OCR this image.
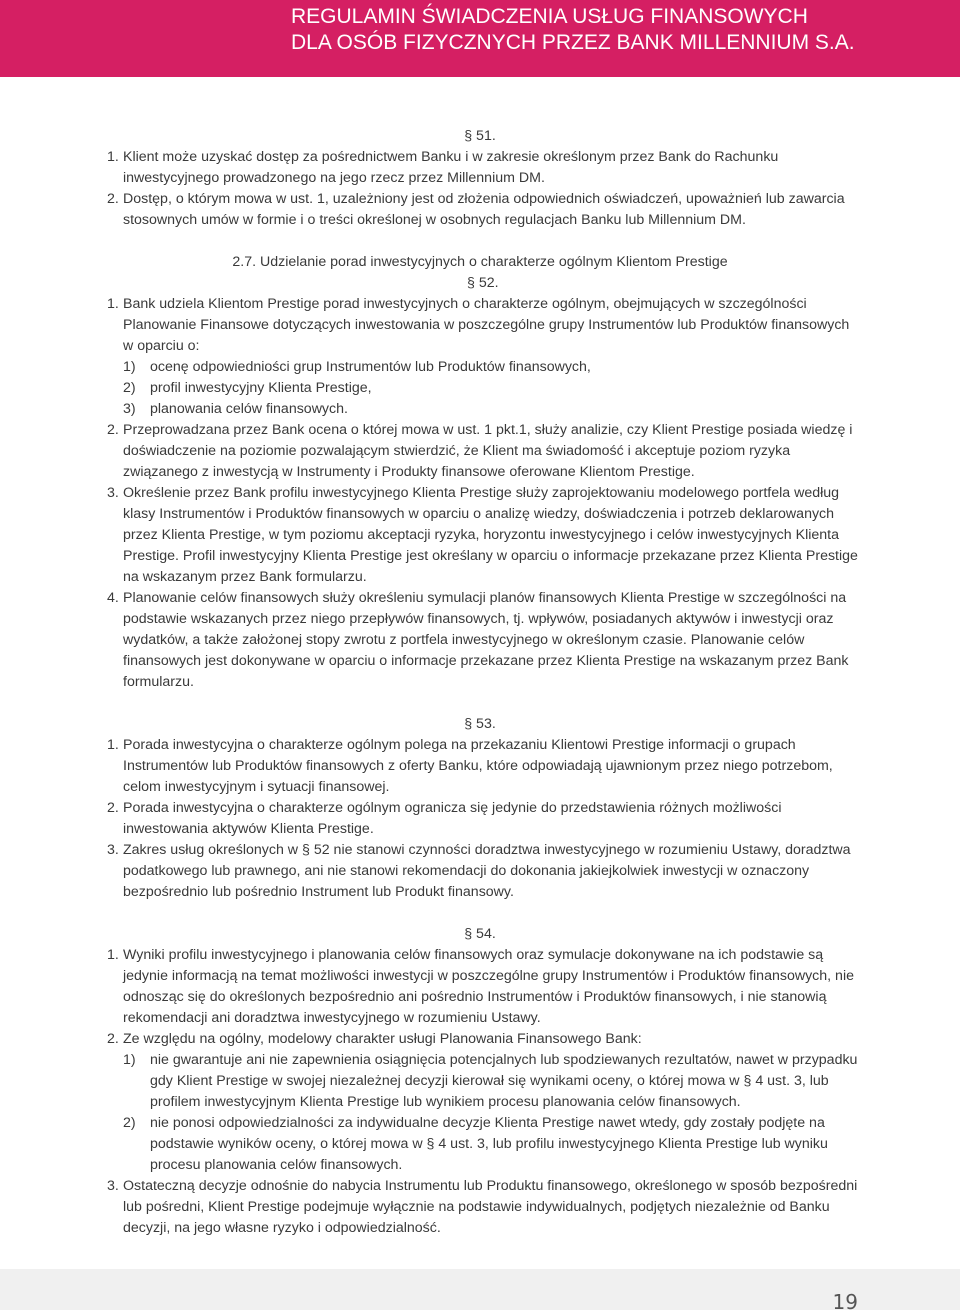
REGULAMIN ŚWIADCZENIA USŁUG FINANSOWYCH
DLA OSÓB FIZYCZNYCH PRZEZ BANK MILLENNIUM S.A.
§ 51.
1. Klient może uzyskać dostęp za pośrednictwem Banku i w zakresie określonym przez Bank do Rachunku inwestycyjnego prowadzonego na jego rzecz przez Millennium DM.
2. Dostęp, o którym mowa w ust. 1, uzależniony jest od złożenia odpowiednich oświadczeń, upoważnień lub zawarcia stosownych umów w formie i o treści określonej w osobnych regulacjach Banku lub Millennium DM.
2.7. Udzielanie porad inwestycyjnych o charakterze ogólnym Klientom Prestige
§ 52.
1. Bank udziela Klientom Prestige porad inwestycyjnych o charakterze ogólnym, obejmujących w szczególności Planowanie Finansowe dotyczących inwestowania w poszczególne grupy Instrumentów lub Produktów finansowych w oparciu o:
1) ocenę odpowiedniości grup Instrumentów lub Produktów finansowych,
2) profil inwestycyjny Klienta Prestige,
3) planowania celów finansowych.
2. Przeprowadzana przez Bank ocena o której mowa w ust. 1 pkt.1, służy analizie, czy Klient Prestige posiada wiedzę i doświadczenie na poziomie pozwalającym stwierdzić, że Klient ma świadomość i akceptuje poziom ryzyka związanego z inwestycją w Instrumenty i Produkty finansowe oferowane Klientom Prestige.
3. Określenie przez Bank profilu inwestycyjnego Klienta Prestige służy zaprojektowaniu modelowego portfela według klasy Instrumentów i Produktów finansowych w oparciu o analizę wiedzy, doświadczenia i potrzeb deklarowanych przez Klienta Prestige, w tym poziomu akceptacji ryzyka, horyzontu inwestycyjnego i celów inwestycyjnych Klienta Prestige. Profil inwestycyjny Klienta Prestige jest określany w oparciu o informacje przekazane przez Klienta Prestige na wskazanym przez Bank formularzu.
4. Planowanie celów finansowych służy określeniu symulacji planów finansowych Klienta Prestige w szczególności na podstawie wskazanych przez niego przepływów finansowych, tj. wpływów, posiadanych aktywów i inwestycji oraz wydatków, a także założonej stopy zwrotu z portfela inwestycyjnego w określonym czasie. Planowanie celów finansowych jest dokonywane w oparciu o informacje przekazane przez Klienta Prestige na wskazanym przez Bank formularzu.
§ 53.
1. Porada inwestycyjna o charakterze ogólnym polega na przekazaniu Klientowi Prestige informacji o grupach Instrumentów lub Produktów finansowych z oferty Banku, które odpowiadają ujawnionym przez niego potrzebom, celom inwestycyjnym i sytuacji finansowej.
2. Porada inwestycyjna o charakterze ogólnym ogranicza się jedynie do przedstawienia różnych możliwości inwestowania aktywów Klienta Prestige.
3. Zakres usług określonych w § 52 nie stanowi czynności doradztwa inwestycyjnego w rozumieniu Ustawy, doradztwa podatkowego lub prawnego, ani nie stanowi rekomendacji do dokonania jakiejkolwiek inwestycji w oznaczony bezpośrednio lub pośrednio Instrument lub Produkt finansowy.
§ 54.
1. Wyniki profilu inwestycyjnego i planowania celów finansowych oraz symulacje dokonywane na ich podstawie są jedynie informacją na temat możliwości inwestycji w poszczególne grupy Instrumentów i Produktów finansowych, nie odnosząc się do określonych bezpośrednio ani pośrednio Instrumentów i Produktów finansowych, i nie stanowią rekomendacji ani doradztwa inwestycyjnego w rozumieniu Ustawy.
2. Ze względu na ogólny, modelowy charakter usługi Planowania Finansowego Bank:
1) nie gwarantuje ani nie zapewnienia osiągnięcia potencjalnych lub spodziewanych rezultatów, nawet w przypadku gdy Klient Prestige w swojej niezależnej decyzji kierował się wynikami oceny, o której mowa w § 4 ust. 3, lub profilem inwestycyjnym Klienta Prestige lub wynikiem procesu planowania celów finansowych.
2) nie ponosi odpowiedzialności za indywidualne decyzje Klienta Prestige nawet wtedy, gdy zostały podjęte na podstawie wyników oceny, o której mowa w § 4 ust. 3, lub profilu inwestycyjnego Klienta Prestige lub wyniku procesu planowania celów finansowych.
3. Ostateczną decyzje odnośnie do nabycia Instrumentu lub Produktu finansowego, określonego w sposób bezpośredni lub pośredni, Klient Prestige podejmuje wyłącznie na podstawie indywidualnych, podjętych niezależnie od Banku decyzji, na jego własne ryzyko i odpowiedzialność.
19
